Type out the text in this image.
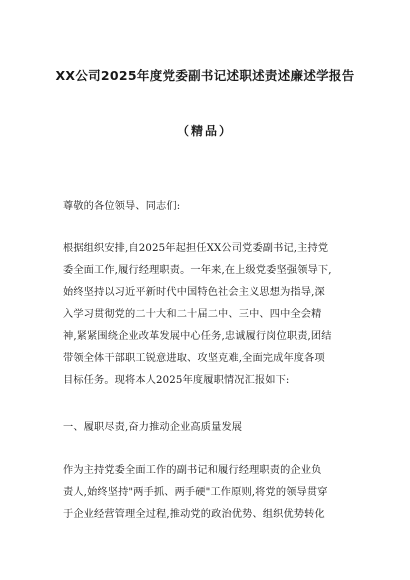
XX公司2025年度党委副书记述职述责述廉述学报告
（精品）
尊敬的各位领导、同志们:
根据组织安排,自2025年起担任XX公司党委副书记,主持党
委全面工作,履行经理职责。一年来,在上级党委坚强领导下,
始终坚持以习近平新时代中国特色社会主义思想为指导,深
入学习贯彻党的二十大和二十届二中、三中、四中全会精
神,紧紧围绕企业改革发展中心任务,忠诚履行岗位职责,团结
带领全体干部职工锐意进取、攻坚克难,全面完成年度各项
目标任务。现将本人2025年度履职情况汇报如下:
一、履职尽责,奋力推动企业高质量发展
作为主持党委全面工作的副书记和履行经理职责的企业负
责人,始终坚持"两手抓、两手硬"工作原则,将党的领导贯穿
于企业经营管理全过程,推动党的政治优势、组织优势转化
